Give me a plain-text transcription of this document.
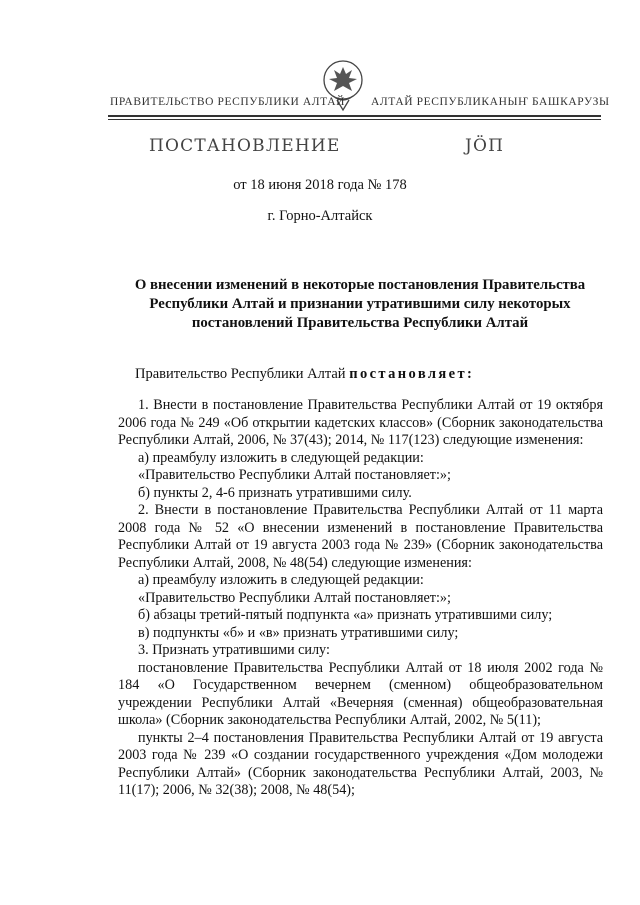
ПРАВИТЕЛЬСТВО РЕСПУБЛИКИ АЛТАЙ АЛТАЙ РЕСПУБЛИКАНЫҤ БАШКАРУЗЫ
ПОСТАНОВЛЕНИЕ	ЈӦП
от 18 июня 2018 года № 178
г. Горно-Алтайск
О внесении изменений в некоторые постановления Правительства Республики Алтай и признании утратившими силу некоторых постановлений Правительства Республики Алтай
Правительство Республики Алтай постановляет:

1. Внести в постановление Правительства Республики Алтай от 19 октября 2006 года № 249 «Об открытии кадетских классов» (Сборник законодательства Республики Алтай, 2006, № 37(43); 2014, № 117(123) следующие изменения:

а) преамбулу изложить в следующей редакции:

«Правительство Республики Алтай постановляет:»;

б) пункты 2, 4-6 признать утратившими силу.

2. Внести в постановление Правительства Республики Алтай от 11 марта 2008 года № 52 «О внесении изменений в постановление Правительства Республики Алтай от 19 августа 2003 года № 239» (Сборник законодательства Республики Алтай, 2008, № 48(54) следующие изменения:

а) преамбулу изложить в следующей редакции:

«Правительство Республики Алтай постановляет:»;

б) абзацы третий-пятый подпункта «а» признать утратившими силу;

в) подпункты «б» и «в» признать утратившими силу;

3. Признать утратившими силу:

постановление Правительства Республики Алтай от 18 июля 2002 года № 184 «О Государственном вечернем (сменном) общеобразовательном учреждении Республики Алтай «Вечерняя (сменная) общеобразовательная школа» (Сборник законодательства Республики Алтай, 2002, № 5(11);

пункты 2–4 постановления Правительства Республики Алтай от 19 августа 2003 года № 239 «О создании государственного учреждения «Дом молодежи Республики Алтай» (Сборник законодательства Республики Алтай, 2003, № 11(17); 2006, № 32(38); 2008, № 48(54);
